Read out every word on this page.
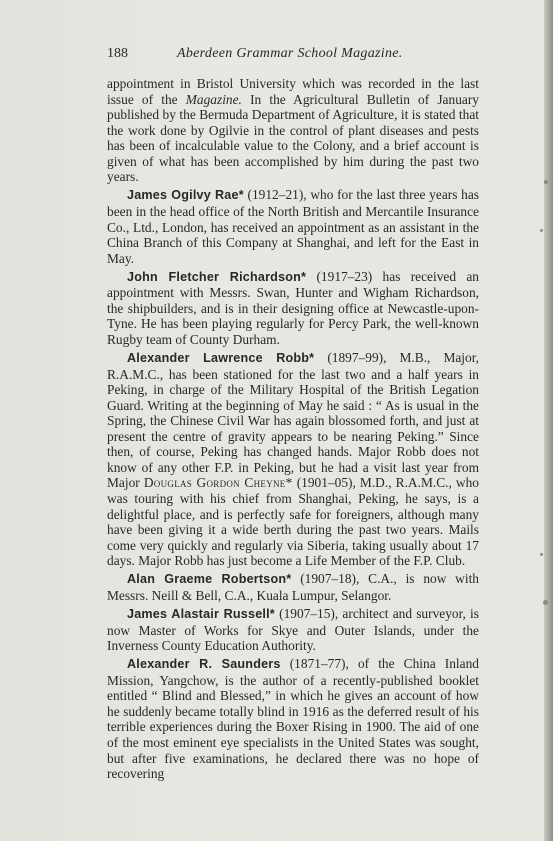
188	Aberdeen Grammar School Magazine.

appointment in Bristol University which was recorded in the last issue of the Magazine. In the Agricultural Bulletin of January published by the Bermuda Department of Agriculture, it is stated that the work done by Ogilvie in the control of plant diseases and pests has been of incalculable value to the Colony, and a brief account is given of what has been accomplished by him during the past two years.

James Ogilvy Rae* (1912–21), who for the last three years has been in the head office of the North British and Mercantile Insurance Co., Ltd., London, has received an appointment as an assistant in the China Branch of this Company at Shanghai, and left for the East in May.

John Fletcher Richardson* (1917–23) has received an appointment with Messrs. Swan, Hunter and Wigham Richardson, the shipbuilders, and is in their designing office at Newcastle-upon-Tyne. He has been playing regularly for Percy Park, the well-known Rugby team of County Durham.

Alexander Lawrence Robb* (1897–99), M.B., Major, R.A.M.C., has been stationed for the last two and a half years in Peking, in charge of the Military Hospital of the British Legation Guard. Writing at the beginning of May he said : “ As is usual in the Spring, the Chinese Civil War has again blossomed forth, and just at present the centre of gravity appears to be nearing Peking.” Since then, of course, Peking has changed hands. Major Robb does not know of any other F.P. in Peking, but he had a visit last year from Major Douglas Gordon Cheyne* (1901–05), M.D., R.A.M.C., who was touring with his chief from Shanghai, Peking, he says, is a delightful place, and is perfectly safe for foreigners, although many have been giving it a wide berth during the past two years. Mails come very quickly and regularly via Siberia, taking usually about 17 days. Major Robb has just become a Life Member of the F.P. Club.

Alan Graeme Robertson* (1907–18), C.A., is now with Messrs. Neill & Bell, C.A., Kuala Lumpur, Selangor.

James Alastair Russell* (1907–15), architect and surveyor, is now Master of Works for Skye and Outer Islands, under the Inverness County Education Authority.

Alexander R. Saunders (1871–77), of the China Inland Mission, Yangchow, is the author of a recently-published booklet entitled “ Blind and Blessed,” in which he gives an account of how he suddenly became totally blind in 1916 as the deferred result of his terrible experiences during the Boxer Rising in 1900. The aid of one of the most eminent eye specialists in the United States was sought, but after five examinations, he declared there was no hope of recovering
